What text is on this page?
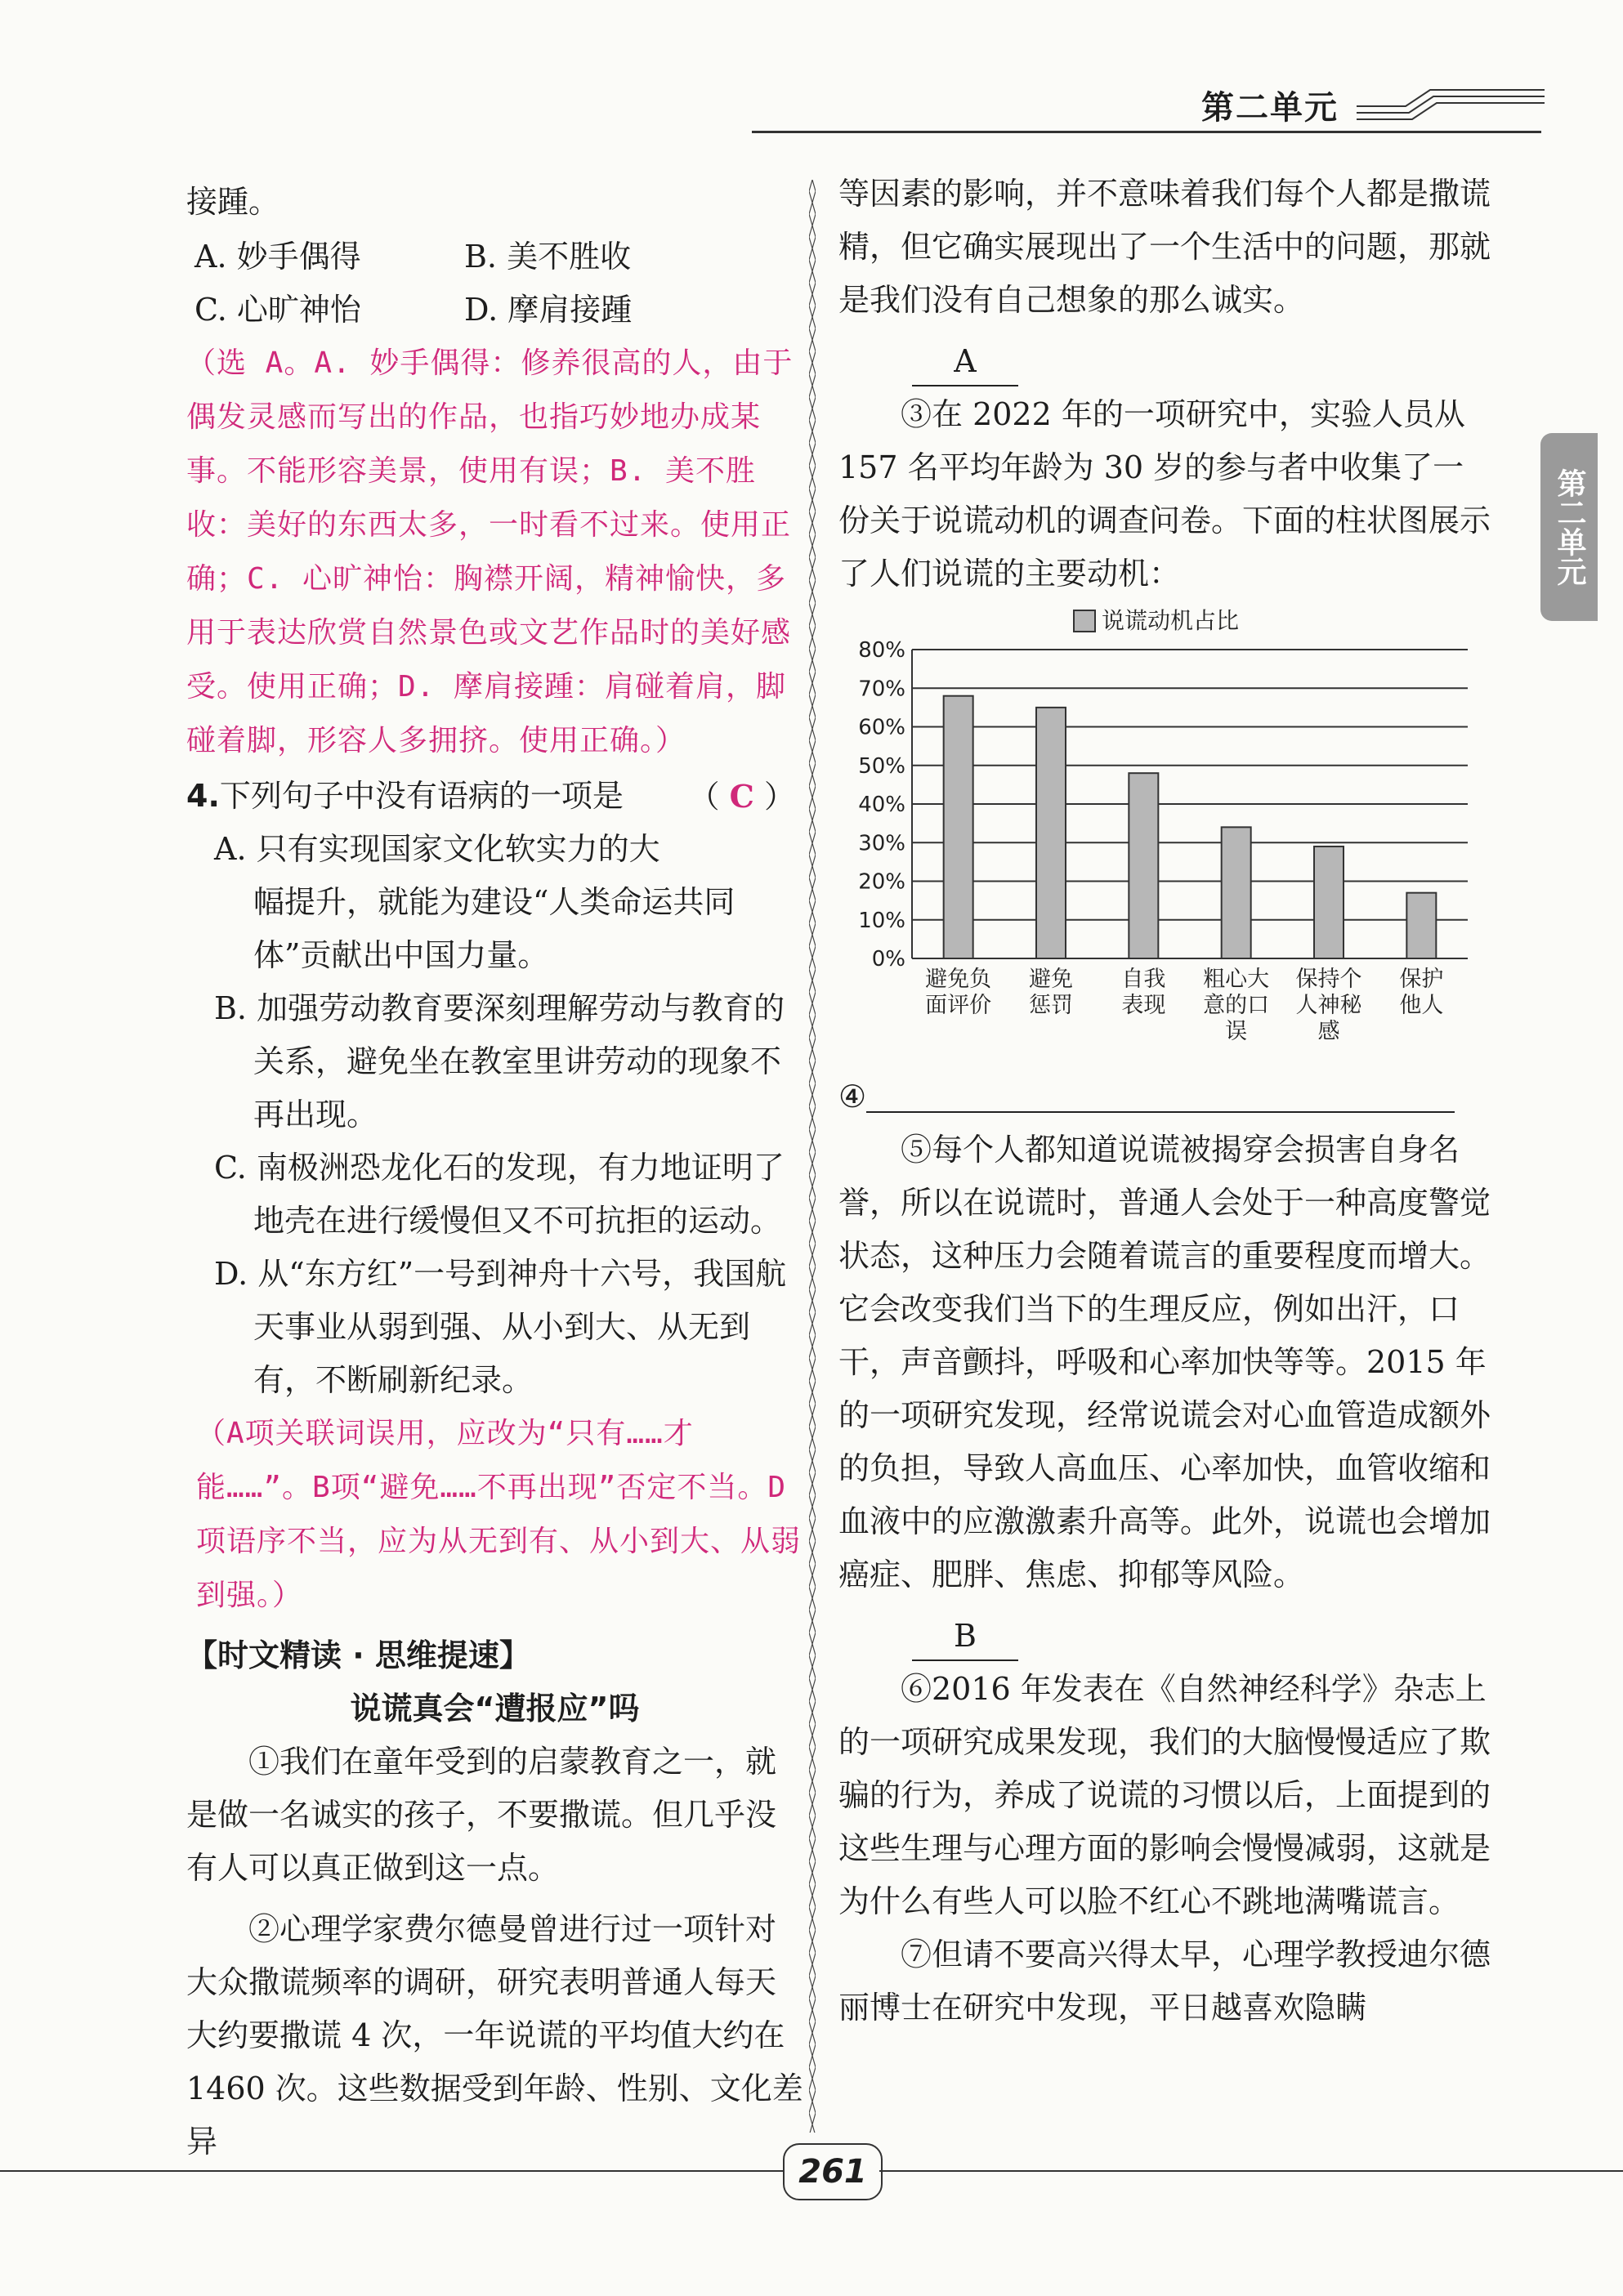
第二单元
第二单元

接踵。

A. 妙手偶得	B. 美不胜收
C. 心旷神怡	D. 摩肩接踵

（选 A。A. 妙手偶得：修养很高的人，由于偶发灵感而写出的作品，也指巧妙地办成某事。不能形容美景，使用有误；B. 美不胜收：美好的东西太多，一时看不过来。使用正确；C. 心旷神怡：胸襟开阔，精神愉快，多用于表达欣赏自然景色或文艺作品时的美好感受。使用正确；D. 摩肩接踵：肩碰着肩，脚碰着脚，形容人多拥挤。使用正确。）

4.下列句子中没有语病的一项是 （ C ）

A. 只有实现国家文化软实力的大幅提升，就能为建设“人类命运共同体”贡献出中国力量。

B. 加强劳动教育要深刻理解劳动与教育的关系，避免坐在教室里讲劳动的现象不再出现。

C. 南极洲恐龙化石的发现，有力地证明了地壳在进行缓慢但又不可抗拒的运动。

D. 从“东方红”一号到神舟十六号，我国航天事业从弱到强、从小到大、从无到有，不断刷新纪录。

（A项关联词误用，应改为“只有……才能……”。B项“避免……不再出现”否定不当。D项语序不当，应为从无到有、从小到大、从弱到强。）

【时文精读 · 思维提速】

说谎真会“遭报应”吗

①我们在童年受到的启蒙教育之一，就是做一名诚实的孩子，不要撒谎。但几乎没有人可以真正做到这一点。

②心理学家费尔德曼曾进行过一项针对大众撒谎频率的调研，研究表明普通人每天大约要撒谎 4 次，一年说谎的平均值大约在 1460 次。这些数据受到年龄、性别、文化差异

等因素的影响，并不意味着我们每个人都是撒谎精，但它确实展现出了一个生活中的问题，那就是我们没有自己想象的那么诚实。

A

③在 2022 年的一项研究中，实验人员从 157 名平均年龄为 30 岁的参与者中收集了一份关于说谎动机的调查问卷。下面的柱状图展示了人们说谎的主要动机：

说谎动机占比
80%
70%
60%
50%
40%
30%
20%
10%
0%
避免负
面评价
避免
惩罚
自我
表现
粗心大
意的口
误
保持个
人神秘
感
保护
他人

④

⑤每个人都知道说谎被揭穿会损害自身名誉，所以在说谎时，普通人会处于一种高度警觉状态，这种压力会随着谎言的重要程度而增大。它会改变我们当下的生理反应，例如出汗，口干，声音颤抖，呼吸和心率加快等等。2015 年的一项研究发现，经常说谎会对心血管造成额外的负担，导致人高血压、心率加快，血管收缩和血液中的应激激素升高等。此外，说谎也会增加癌症、肥胖、焦虑、抑郁等风险。

B

⑥2016 年发表在《自然神经科学》杂志上的一项研究成果发现，我们的大脑慢慢适应了欺骗的行为，养成了说谎的习惯以后，上面提到的这些生理与心理方面的影响会慢慢减弱，这就是为什么有些人可以脸不红心不跳地满嘴谎言。

⑦但请不要高兴得太早，心理学教授迪尔德丽博士在研究中发现，平日越喜欢隐瞒

261
